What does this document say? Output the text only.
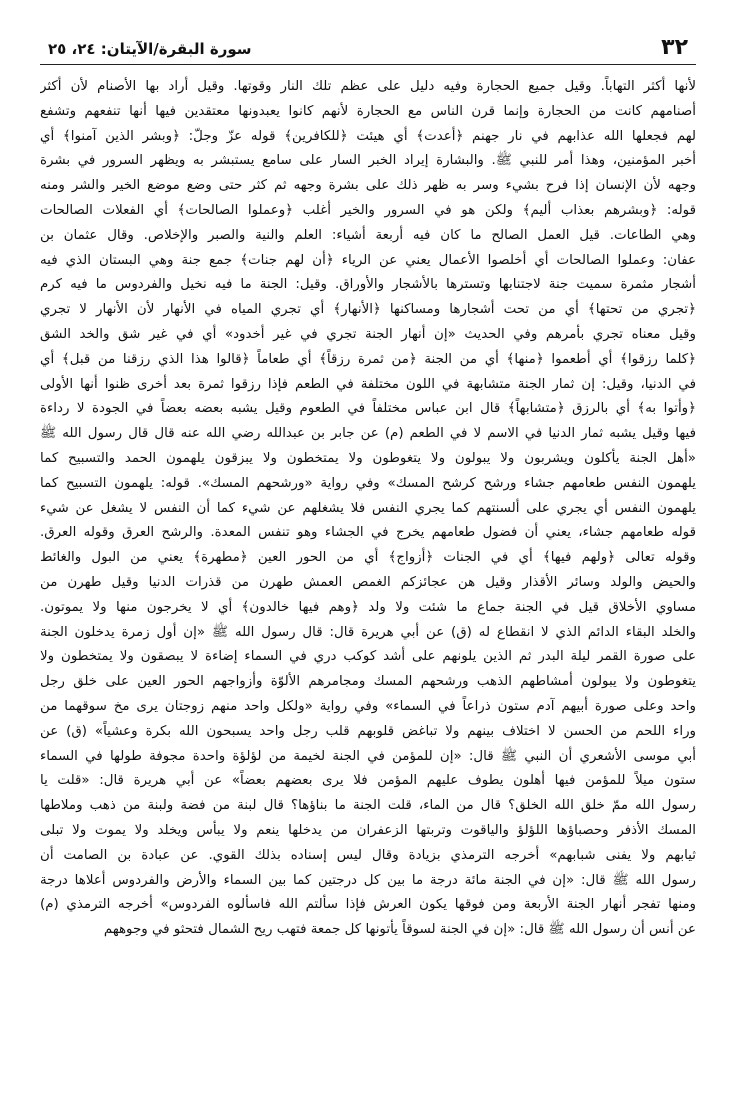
٣٢
سورة البقرة/الآيتان: ٢٤، ٢٥
لأنها أكثر التهاباً. وقيل جميع الحجارة وفيه دليل على عظم تلك النار وقوتها. وقيل أراد بها الأصنام لأن أكثر
أصنامهم كانت من الحجارة وإنما قرن الناس مع الحجارة لأنهم كانوا يعبدونها معتقدين فيها أنها تنفعهم وتشفع
لهم فجعلها الله عذابهم في نار جهنم ﴿أعدت﴾ أي هيئت ﴿للكافرين﴾ قوله عزّ وجلّ: ﴿وبشر الذين آمنوا﴾ أي
أخبر المؤمنين، وهذا أمر للنبي ﷺ. والبشارة إيراد الخبر السار على سامع يستبشر به ويظهر السرور في بشرة
وجهه لأن الإنسان إذا فرح بشيء وسر به ظهر ذلك على بشرة وجهه ثم كثر حتى وضع موضع الخير والشر ومنه
قوله: ﴿وبشرهم بعذاب أليم﴾ ولكن هو في السرور والخير أغلب ﴿وعملوا الصالحات﴾ أي الفعلات الصالحات
وهي الطاعات. قيل العمل الصالح ما كان فيه أربعة أشياء: العلم والنية والصبر والإخلاص. وقال عثمان بن
عفان: وعملوا الصالحات أي أخلصوا الأعمال يعني عن الرياء ﴿أن لهم جنات﴾ جمع جنة وهي البستان الذي فيه
أشجار مثمرة سميت جنة لاجتنابها وتسترها بالأشجار والأوراق. وقيل: الجنة ما فيه نخيل والفردوس ما فيه كرم
﴿تجري من تحتها﴾ أي من تحت أشجارها ومساكنها ﴿الأنهار﴾ أي تجري المياه في الأنهار لأن الأنهار لا تجري
وقيل معناه تجري بأمرهم وفي الحديث «إن أنهار الجنة تجري في غير أخدود» أي في غير شق والخد الشق
﴿كلما رزقوا﴾ أي أطعموا ﴿منها﴾ أي من الجنة ﴿من ثمرة رزقاً﴾ أي طعاماً ﴿قالوا هذا الذي رزقنا من قبل﴾ أي
في الدنيا، وقيل: إن ثمار الجنة متشابهة في اللون مختلفة في الطعم فإذا رزقوا ثمرة بعد أخرى ظنوا أنها الأولى
﴿وأتوا به﴾ أي بالرزق ﴿متشابهاً﴾ قال ابن عباس مختلفاً في الطعوم وقيل يشبه بعضه بعضاً في الجودة لا رداءة
فيها وقيل يشبه ثمار الدنيا في الاسم لا في الطعم (م) عن جابر بن عبدالله رضي الله عنه قال قال رسول الله ﷺ
«أهل الجنة يأكلون ويشربون ولا يبولون ولا يتغوطون ولا يمتخطون ولا يبزقون يلهمون الحمد والتسبيح كما
يلهمون النفس طعامهم جشاء ورشح كرشح المسك» وفي رواية «ورشحهم المسك». قوله: يلهمون التسبيح كما
يلهمون النفس أي يجري على ألسنتهم كما يجري النفس فلا يشغلهم عن شيء كما أن النفس لا يشغل عن شيء
قوله طعامهم جشاء، يعني أن فضول طعامهم يخرج في الجشاء وهو تنفس المعدة. والرشح العرق وقوله العرق.
وقوله تعالى ﴿ولهم فيها﴾ أي في الجنات ﴿أزواج﴾ أي من الحور العين ﴿مطهرة﴾ يعني من البول والغائط
والحيض والولد وسائر الأقذار وقيل هن عجائزكم الغمص العمش طهرن من قذرات الدنيا وقيل طهرن من
مساوي الأخلاق قيل في الجنة جماع ما شئت ولا ولد ﴿وهم فيها خالدون﴾ أي لا يخرجون منها ولا يموتون.
والخلد البقاء الدائم الذي لا انقطاع له (ق) عن أبي هريرة قال: قال رسول الله ﷺ «إن أول زمرة يدخلون الجنة
على صورة القمر ليلة البدر ثم الذين يلونهم على أشد كوكب دري في السماء إضاءة لا يبصقون ولا يمتخطون ولا
يتغوطون ولا يبولون أمشاطهم الذهب ورشحهم المسك ومجامرهم الألوّة وأزواجهم الحور العين على خلق رجل
واحد وعلى صورة أبيهم آدم ستون ذراعاً في السماء» وفي رواية «ولكل واحد منهم زوجتان يرى مخ سوقهما من
وراء اللحم من الحسن لا اختلاف بينهم ولا تباغض قلوبهم قلب رجل واحد يسبحون الله بكرة وعشياً» (ق) عن
أبي موسى الأشعري أن النبي ﷺ قال: «إن للمؤمن في الجنة لخيمة من لؤلؤة واحدة مجوفة طولها في السماء
ستون ميلاً للمؤمن فيها أهلون يطوف عليهم المؤمن فلا يرى بعضهم بعضاً» عن أبي هريرة قال: «قلت يا
رسول الله ممّ خلق الله الخلق؟ قال من الماء، قلت الجنة ما بناؤها؟ قال لبنة من فضة ولبنة من ذهب وملاطها
المسك الأذفر وحصباؤها اللؤلؤ والياقوت وتربتها الزعفران من يدخلها ينعم ولا يبأس ويخلد ولا يموت ولا تبلى
ثيابهم ولا يفنى شبابهم» أخرجه الترمذي بزيادة وقال ليس إسناده بذلك القوي. عن عبادة بن الصامت أن
رسول الله ﷺ قال: «إن في الجنة مائة درجة ما بين كل درجتين كما بين السماء والأرض والفردوس أعلاها درجة
ومنها تفجر أنهار الجنة الأربعة ومن فوقها يكون العرش فإذا سألتم الله فاسألوه الفردوس» أخرجه الترمذي (م)
عن أنس أن رسول الله ﷺ قال: «إن في الجنة لسوقاً يأتونها كل جمعة فتهب ريح الشمال فتحثو في وجوههم
